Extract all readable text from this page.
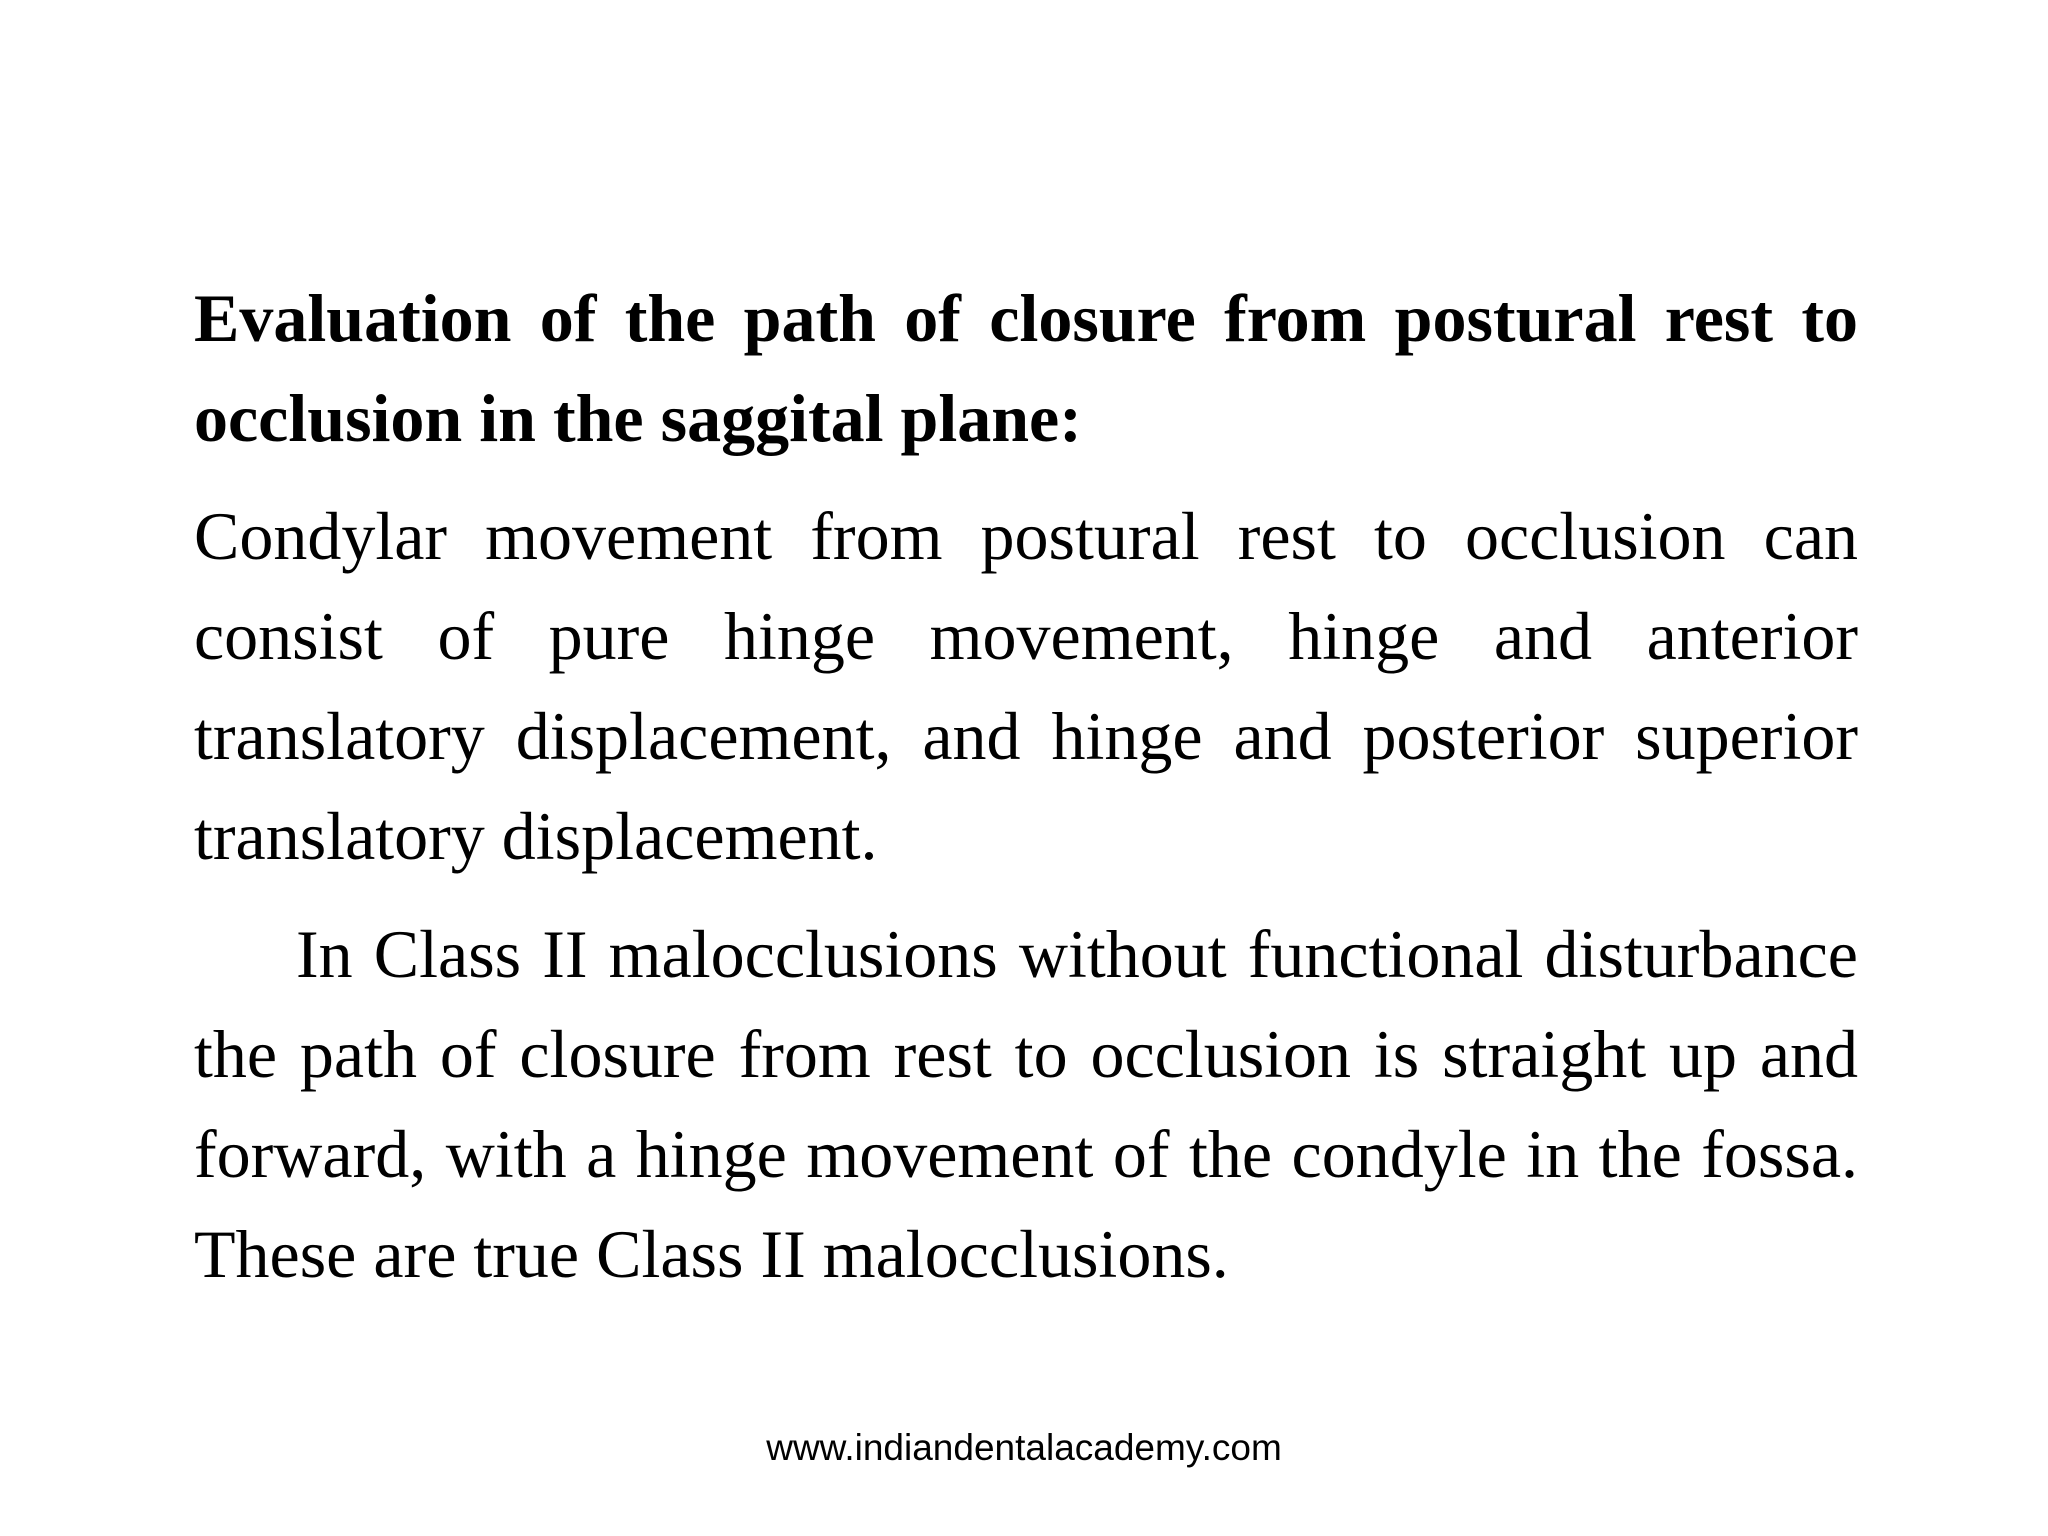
Evaluation of the path of closure from postural rest to occlusion in the saggital plane:

Condylar movement from postural rest to occlusion can consist of pure hinge movement, hinge and anterior translatory displacement, and hinge and posterior superior translatory displacement.

In Class II malocclusions without functional disturbance the path of closure from rest to occlusion is straight up and forward, with a hinge movement of the condyle in the fossa. These are true Class II malocclusions.

www.indiandentalacademy.com
